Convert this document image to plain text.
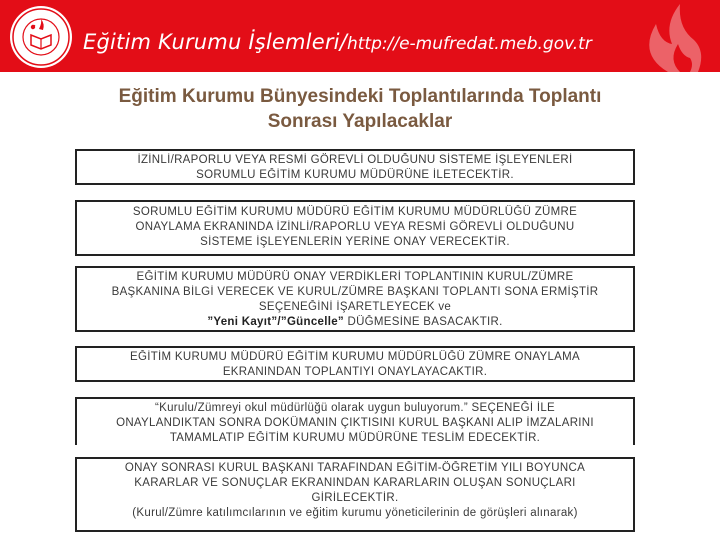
Eğitim Kurumu İşlemleri/http://e-mufredat.meb.gov.tr
Eğitim Kurumu Bünyesindeki Toplantılarında Toplantı
Sonrası Yapılacaklar
İZİNLİ/RAPORLU VEYA RESMİ GÖREVLİ OLDUĞUNU SİSTEME İŞLEYENLERİ
SORUMLU EĞİTİM KURUMU MÜDÜRÜNE İLETECEKTİR.
SORUMLU EĞİTİM KURUMU MÜDÜRÜ EĞİTİM KURUMU MÜDÜRLÜĞÜ ZÜMRE
ONAYLAMA EKRANINDA İZİNLİ/RAPORLU VEYA RESMİ GÖREVLİ OLDUĞUNU
SİSTEME İŞLEYENLERİN YERİNE ONAY VERECEKTİR.
EĞİTİM KURUMU MÜDÜRÜ ONAY VERDİKLERİ TOPLANTININ KURUL/ZÜMRE
BAŞKANINA BİLGİ VERECEK VE KURUL/ZÜMRE BAŞKANI TOPLANTI SONA ERMİŞTİR
SEÇENEĞİNİ İŞARETLEYECEK ve
”Yeni Kayıt”/”Güncelle” DÜĞMESİNE BASACAKTIR.
EĞİTİM KURUMU MÜDÜRÜ EĞİTİM KURUMU MÜDÜRLÜĞÜ ZÜMRE ONAYLAMA
EKRANINDAN TOPLANTIYI ONAYLAYACAKTIR.
“Kurulu/Zümreyi okul müdürlüğü olarak uygun buluyorum.” SEÇENEĞİ İLE
ONAYLANDIKTAN SONRA DOKÜMANIN ÇIKTISINI KURUL BAŞKANI ALIP İMZALARINI
TAMAMLATIP EĞİTİM KURUMU MÜDÜRÜNE TESLİM EDECEKTİR.
ONAY SONRASI KURUL BAŞKANI TARAFINDAN EĞİTİM-ÖĞRETİM YILI BOYUNCA
KARARLAR VE SONUÇLAR EKRANINDAN KARARLARIN OLUŞAN SONUÇLARI
GİRİLECEKTİR.
(Kurul/Zümre katılımcılarının ve eğitim kurumu yöneticilerinin de görüşleri alınarak)
